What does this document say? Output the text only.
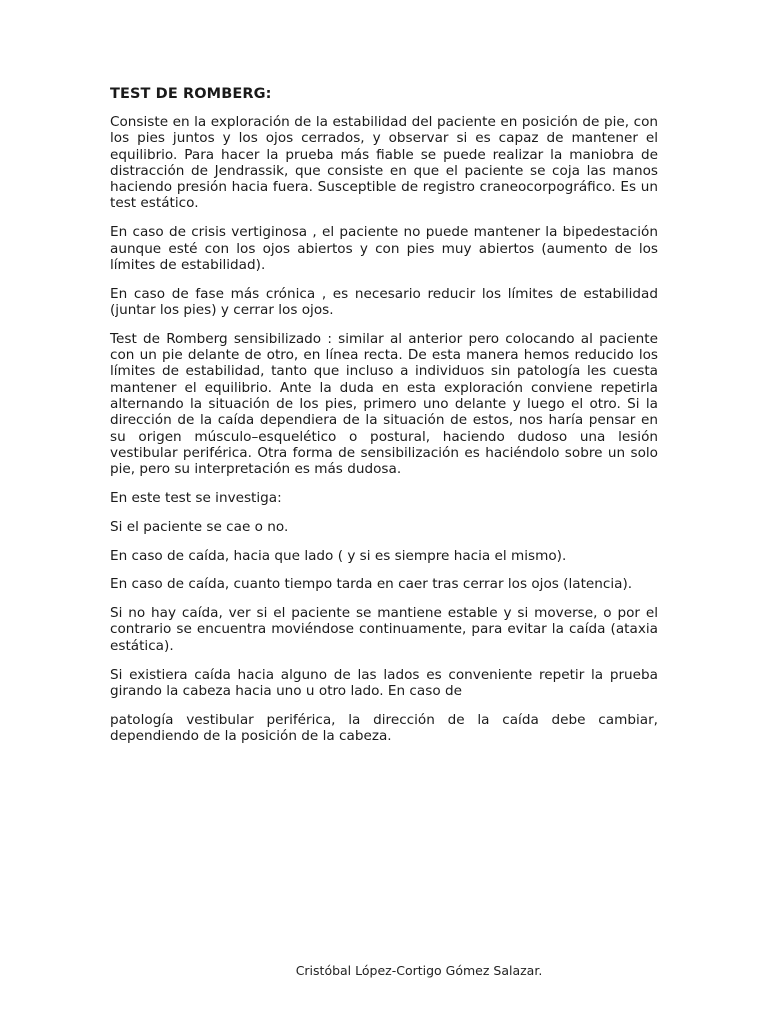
TEST DE ROMBERG:

Consiste en la exploración de la estabilidad del paciente en posición de pie, con los pies juntos y los ojos cerrados, y observar si es capaz de mantener el equilibrio. Para hacer la prueba más fiable se puede realizar la maniobra de distracción de Jendrassik, que consiste en que el paciente se coja las manos haciendo presión hacia fuera. Susceptible de registro craneocorpográfico. Es un test estático.

En caso de crisis vertiginosa , el paciente no puede mantener la bipedestación aunque esté con los ojos abiertos y con pies muy abiertos (aumento de los límites de estabilidad).

En caso de fase más crónica , es necesario reducir los límites de estabilidad (juntar los pies) y cerrar los ojos.

Test de Romberg sensibilizado : similar al anterior pero colocando al paciente con un pie delante de otro, en línea recta. De esta manera hemos reducido los límites de estabilidad, tanto que incluso a individuos sin patología les cuesta mantener el equilibrio. Ante la duda en esta exploración conviene repetirla alternando la situación de los pies, primero uno delante y luego el otro. Si la dirección de la caída dependiera de la situación de estos, nos haría pensar en su origen músculo–esquelético o postural, haciendo dudoso una lesión vestibular periférica. Otra forma de sensibilización es haciéndolo sobre un solo pie, pero su interpretación es más dudosa.

En este test se investiga:

Si el paciente se cae o no.

En caso de caída, hacia que lado ( y si es siempre hacia el mismo).

En caso de caída, cuanto tiempo tarda en caer tras cerrar los ojos (latencia).

Si no hay caída, ver si el paciente se mantiene estable y si moverse, o por el contrario se encuentra moviéndose continuamente, para evitar la caída (ataxia estática).

Si existiera caída hacia alguno de las lados es conveniente repetir la prueba girando la cabeza hacia uno u otro lado. En caso de

patología vestibular periférica, la dirección de la caída debe cambiar, dependiendo de la posición de la cabeza.

Cristóbal López-Cortigo Gómez Salazar.
